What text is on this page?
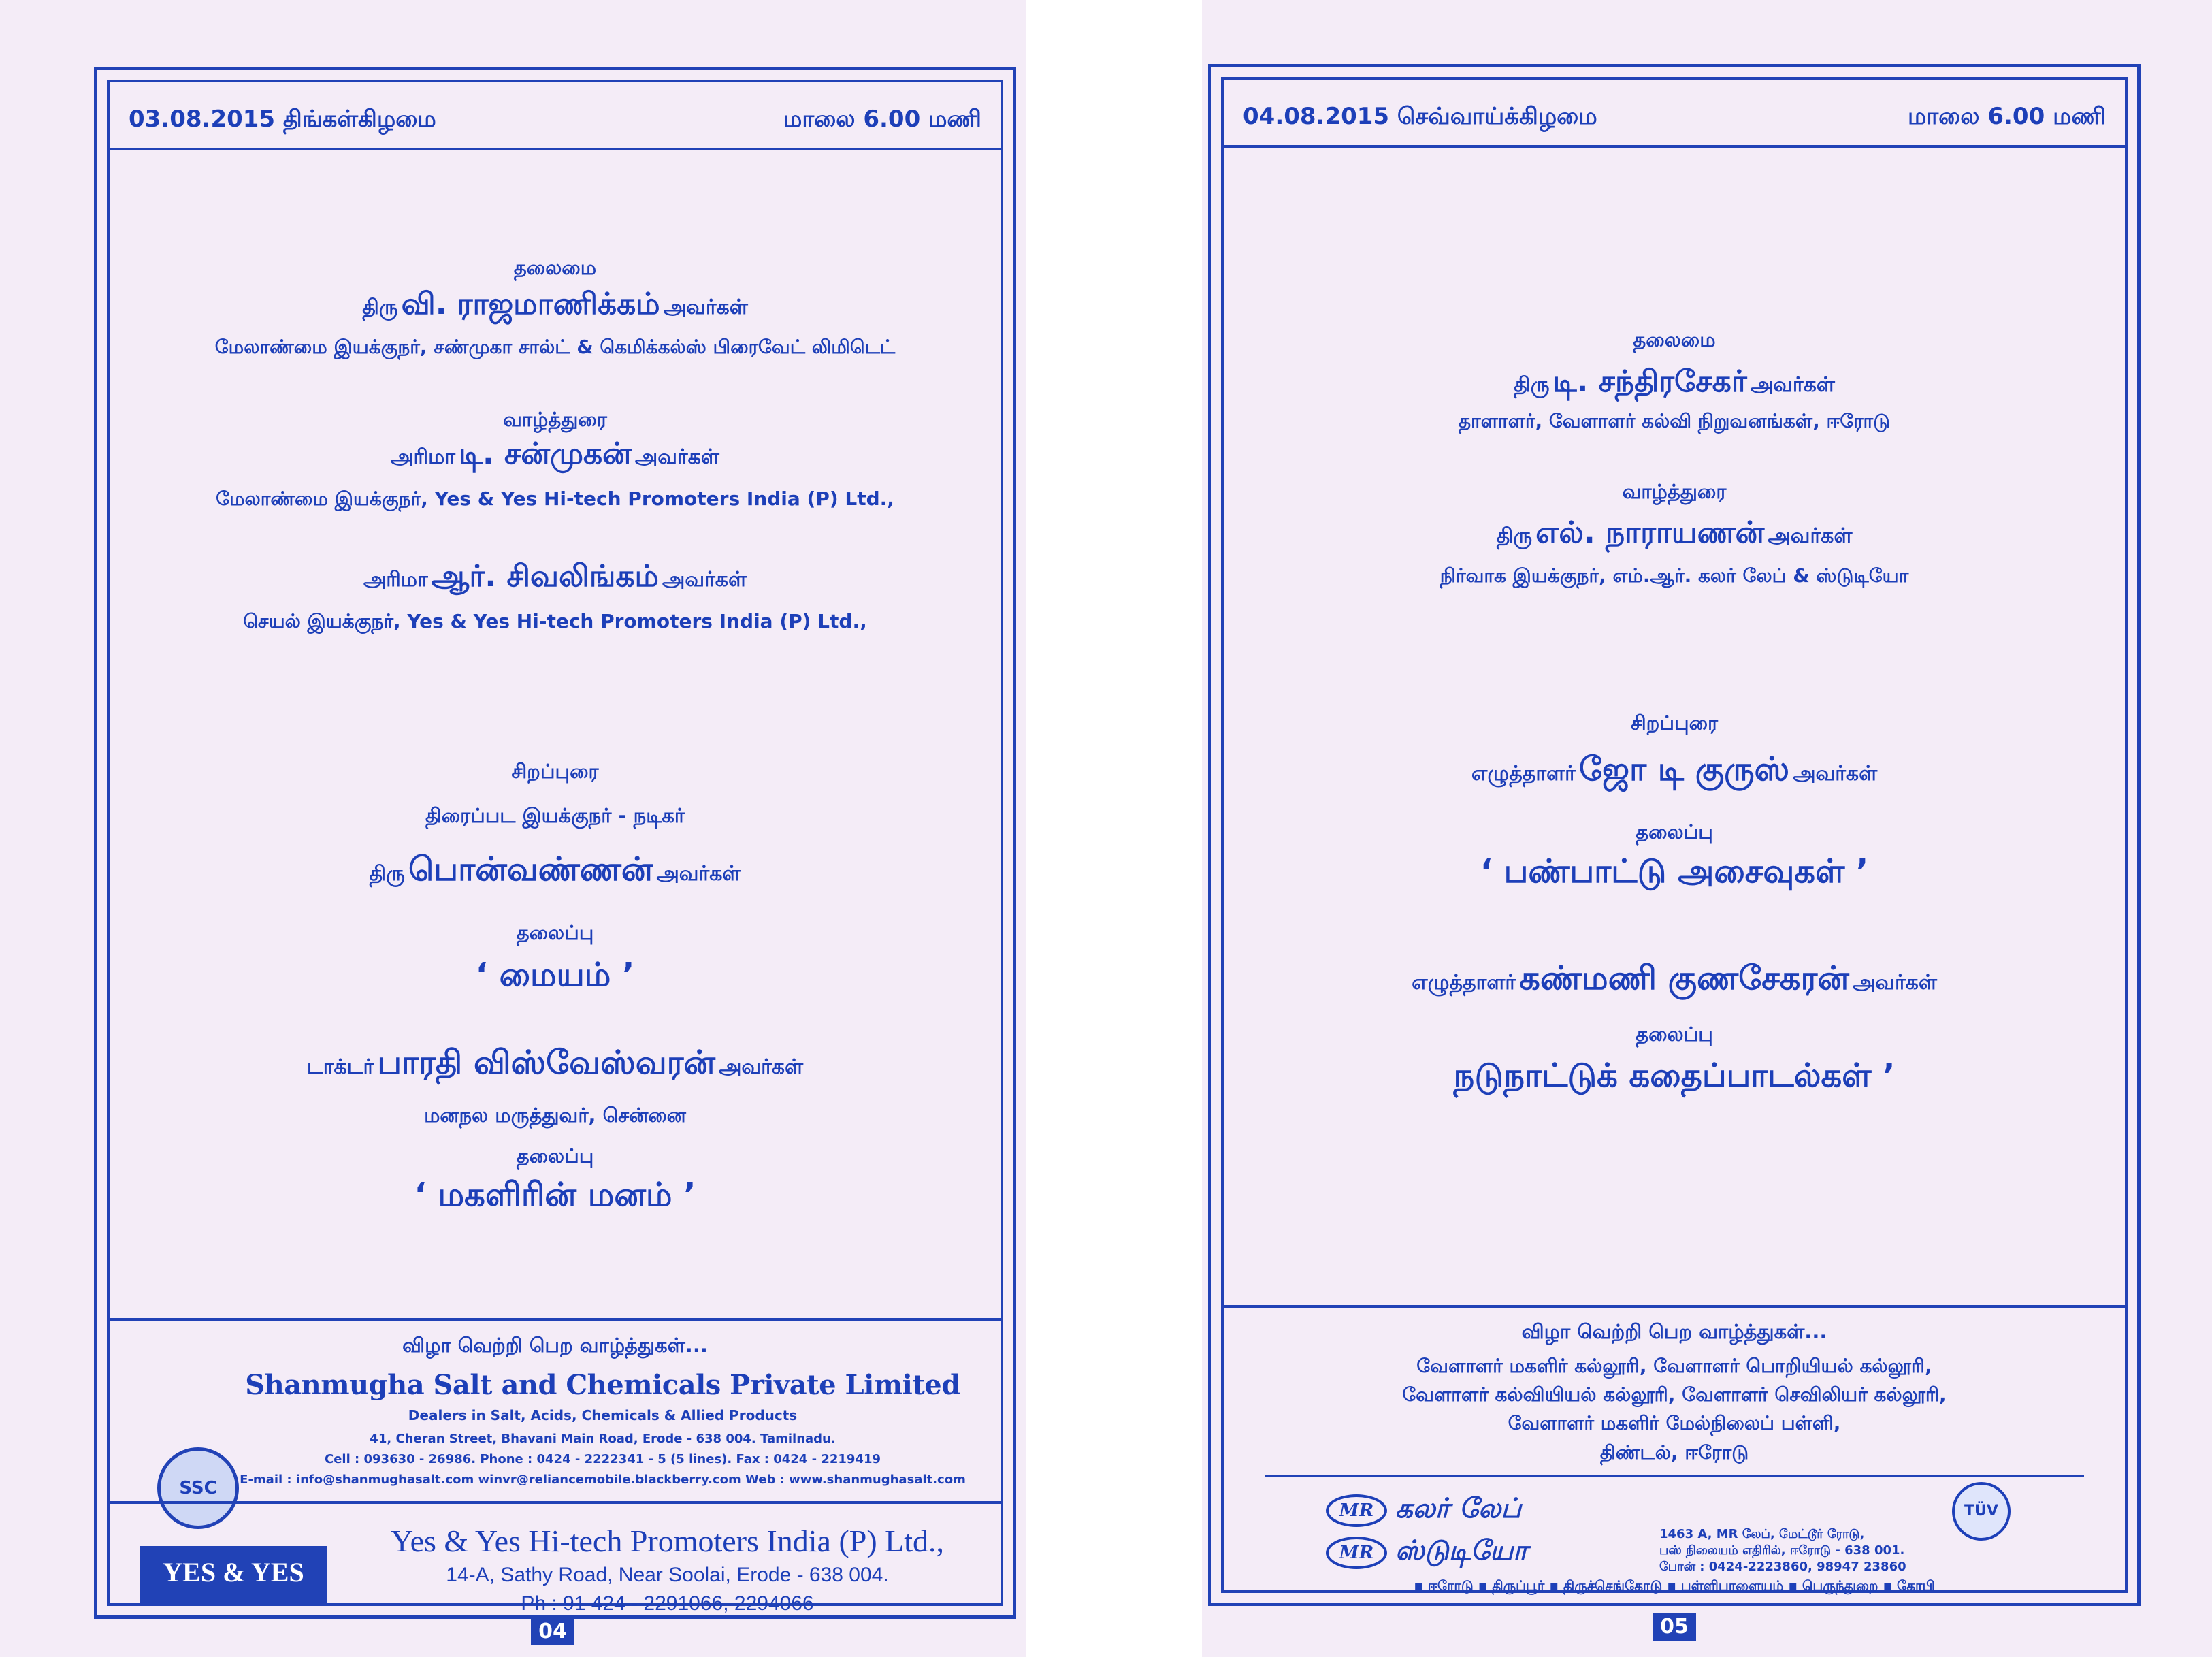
03.08.2015 திங்கள்கிழமை	மாலை 6.00 மணி
தலைமை
திரு வி. ராஜமாணிக்கம் அவர்கள்
மேலாண்மை இயக்குநர், சண்முகா சால்ட் & கெமிக்கல்ஸ் பிரைவேட் லிமிடெட்
வாழ்த்துரை
அரிமா டி. சன்முகன் அவர்கள்
மேலாண்மை இயக்குநர், Yes & Yes Hi-tech Promoters India (P) Ltd.,
அரிமா ஆர். சிவலிங்கம் அவர்கள்
செயல் இயக்குநர், Yes & Yes Hi-tech Promoters India (P) Ltd.,
சிறப்புரை
திரைப்பட இயக்குநர் - நடிகர்
திரு பொன்வண்ணன் அவர்கள்
தலைப்பு
‘ மையம் ’
டாக்டர் பாரதி விஸ்வேஸ்வரன் அவர்கள்
மனநல மருத்துவர், சென்னை
தலைப்பு
‘ மகளிரின் மனம் ’
விழா வெற்றி பெற வாழ்த்துகள்...
SSC
Shanmugha Salt and Chemicals Private Limited
Dealers in Salt, Acids, Chemicals & Allied Products
41, Cheran Street, Bhavani Main Road, Erode - 638 004. Tamilnadu.
Cell : 093630 - 26986. Phone : 0424 - 2222341 - 5 (5 lines). Fax : 0424 - 2219419
E-mail : info@shanmughasalt.com winvr@reliancemobile.blackberry.com Web : www.shanmughasalt.com
YES & YES
Yes & Yes Hi-tech Promoters India (P) Ltd.,
14-A, Sathy Road, Near Soolai, Erode - 638 004.
Ph : 91 424 - 2291066, 2294066
04
04.08.2015 செவ்வாய்க்கிழமை	மாலை 6.00 மணி
தலைமை
திரு டி. சந்திரசேகர் அவர்கள்
தாளாளர், வேளாளர் கல்வி நிறுவனங்கள், ஈரோடு
வாழ்த்துரை
திரு எல். நாராயணன் அவர்கள்
நிர்வாக இயக்குநர், எம்.ஆர். கலர் லேப் & ஸ்டுடியோ
சிறப்புரை
எழுத்தாளர் ஜோ டி குருஸ் அவர்கள்
தலைப்பு
‘ பண்பாட்டு அசைவுகள் ’
எழுத்தாளர் கண்மணி குணசேகரன் அவர்கள்
தலைப்பு
நடுநாட்டுக் கதைப்பாடல்கள் ’
விழா வெற்றி பெற வாழ்த்துகள்...
வேளாளர் மகளிர் கல்லூரி, வேளாளர் பொறியியல் கல்லூரி,
வேளாளர் கல்வியியல் கல்லூரி, வேளாளர் செவிலியர் கல்லூரி,
வேளாளர் மகளிர் மேல்நிலைப் பள்ளி,
திண்டல், ஈரோடு
MR கலர் லேப்
MR ஸ்டுடியோ
1463 A, MR லேப், மேட்டூர் ரோடு,
பஸ் நிலையம் எதிரில், ஈரோடு - 638 001.
போன் : 0424-2223860, 98947 23860
TÜV
▪ ஈரோடு ▪ திருப்பூர் ▪ திருச்செங்கோடு ▪ பள்ளிபாளையம் ▪ பெருந்துறை ▪ கோபி
05
